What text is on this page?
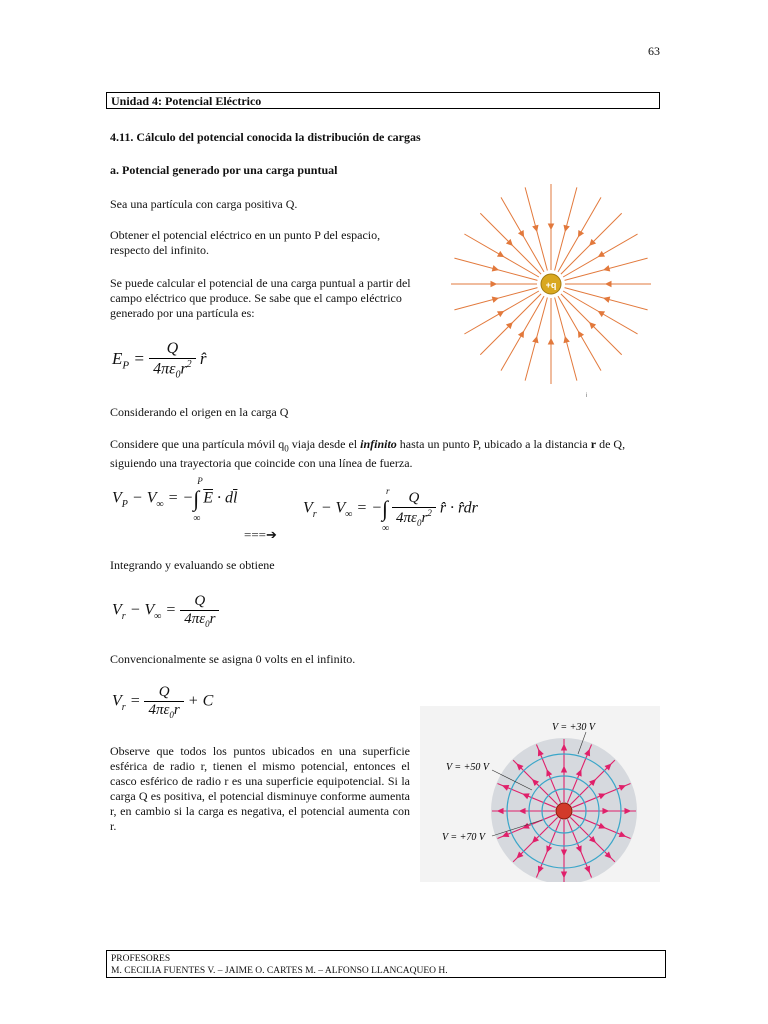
63
Unidad 4: Potencial Eléctrico
4.11. Cálculo del potencial conocida la distribución de cargas
a. Potencial generado por una carga puntual
Sea una partícula con carga positiva Q.
Obtener el potencial eléctrico en un punto P del espacio, respecto del infinito.
Se puede calcular el potencial de una carga puntual a partir del campo eléctrico que produce. Se sabe que el campo eléctrico generado por una partícula es:
$E_P = \frac{Q}{4\pi\varepsilon_0r^2}$ r̂
Considerando el origen en la carga Q
Considere que una partícula móvil $q_0$ viaja desde el infinito hasta un punto P, ubicado a la distancia r de Q, siguiendo una trayectoria que coincide con una línea de fuerza.
$V_P - V_\infty$ = −∫
P
∞
$\overline{E} \cdot d\overline{l}$
===➔
$V_r - V_\infty$ = −∫
r
∞

$\frac{Q}{4\pi\varepsilon_0r^2}$ r̂ · r̂dr
Integrando y evaluando se obtiene
$V_r - V_\infty = \frac{Q}{4\pi\varepsilon_0r}$
Convencionalmente se asigna 0 volts en el infinito.
$V_r = \frac{Q}{4\pi\varepsilon_0r} + C$
Observe que todos los puntos ubicados en una superficie esférica de radio r, tienen el mismo potencial, entonces el casco esférico de radio r es una superficie equipotencial. Si la carga Q es positiva, el potencial disminuye conforme aumenta r, en cambio si la carga es negativa, el potencial aumenta con r.
+q
i
V = +30 V
V = +50 V
V = +70 V
PROFESORES
M. CECILIA FUENTES V. – JAIME O. CARTES M. – ALFONSO LLANCAQUEO H.
